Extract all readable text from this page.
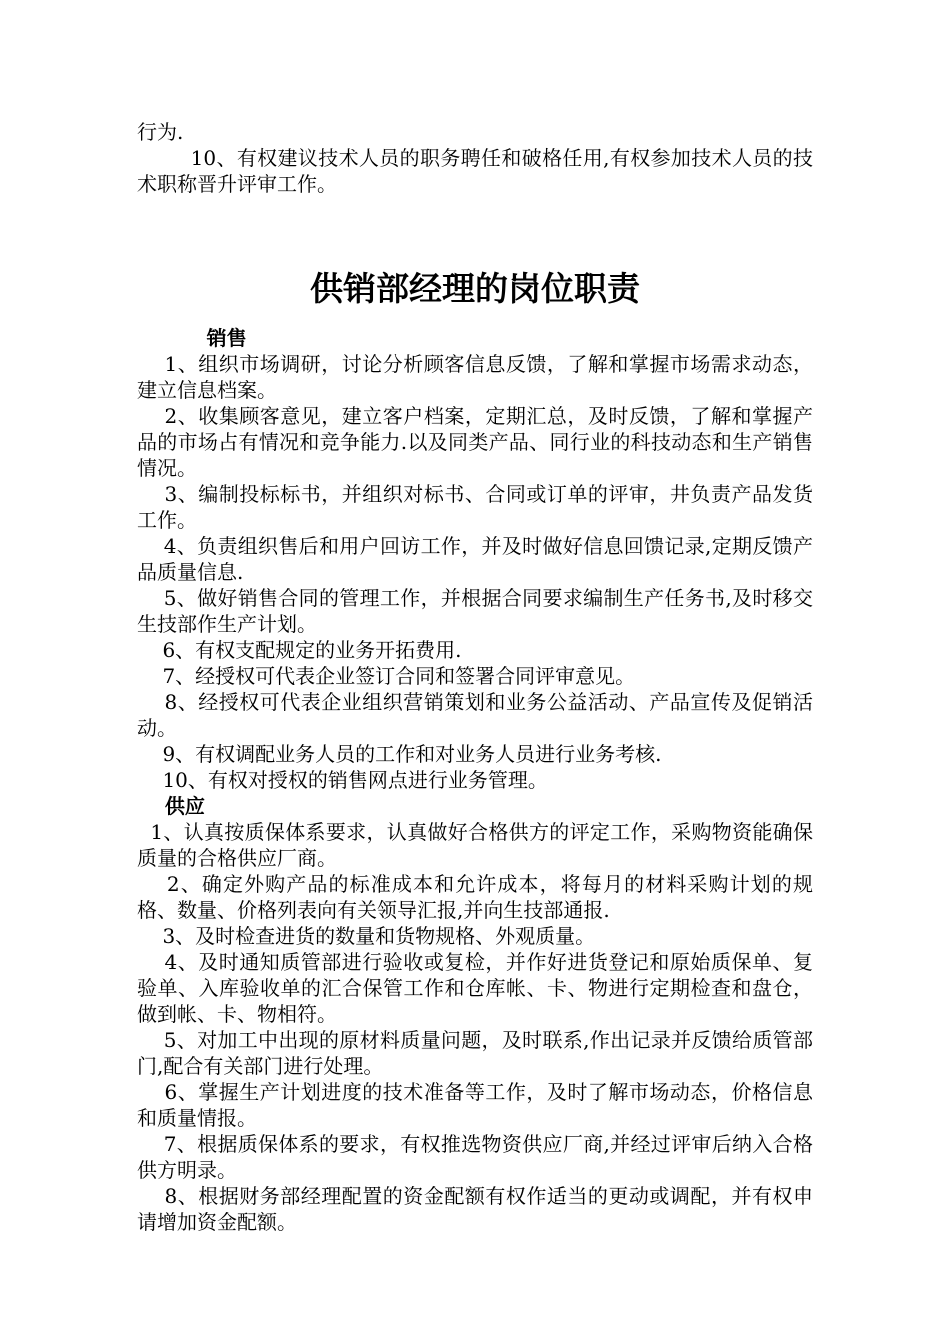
行为.

10、有权建议技术人员的职务聘任和破格任用,有权参加技术人员的技术职称晋升评审工作。

供销部经理的岗位职责

销售

1、组织市场调研，讨论分析顾客信息反馈，了解和掌握市场需求动态，建立信息档案。

2、收集顾客意见，建立客户档案，定期汇总，及时反馈，了解和掌握产品的市场占有情况和竞争能力.以及同类产品、同行业的科技动态和生产销售情况。

3、编制投标标书，并组织对标书、合同或订单的评审，井负责产品发货工作。

4、负责组织售后和用户回访工作，并及时做好信息回馈记录,定期反馈产品质量信息.

5、做好销售合同的管理工作，并根据合同要求编制生产任务书,及时移交生技部作生产计划。

6、有权支配规定的业务开拓费用.

7、经授权可代表企业签订合同和签署合同评审意见。

8、经授权可代表企业组织营销策划和业务公益活动、产品宣传及促销活动。

9、有权调配业务人员的工作和对业务人员进行业务考核.

10、有权对授权的销售网点进行业务管理。

供应

1、认真按质保体系要求，认真做好合格供方的评定工作，采购物资能确保质量的合格供应厂商。

2、确定外购产品的标准成本和允许成本，将每月的材料采购计划的规格、数量、价格列表向有关领导汇报,并向生技部通报.

3、及时检查进货的数量和货物规格、外观质量。

4、及时通知质管部进行验收或复检，并作好进货登记和原始质保单、复验单、入库验收单的汇合保管工作和仓库帐、卡、物进行定期检查和盘仓，做到帐、卡、物相符。

5、对加工中出现的原材料质量问题，及时联系,作出记录并反馈给质管部门,配合有关部门进行处理。

6、掌握生产计划进度的技术准备等工作，及时了解市场动态，价格信息和质量情报。

7、根据质保体系的要求，有权推选物资供应厂商,并经过评审后纳入合格供方明录。

8、根据财务部经理配置的资金配额有权作适当的更动或调配，并有权申请增加资金配额。
